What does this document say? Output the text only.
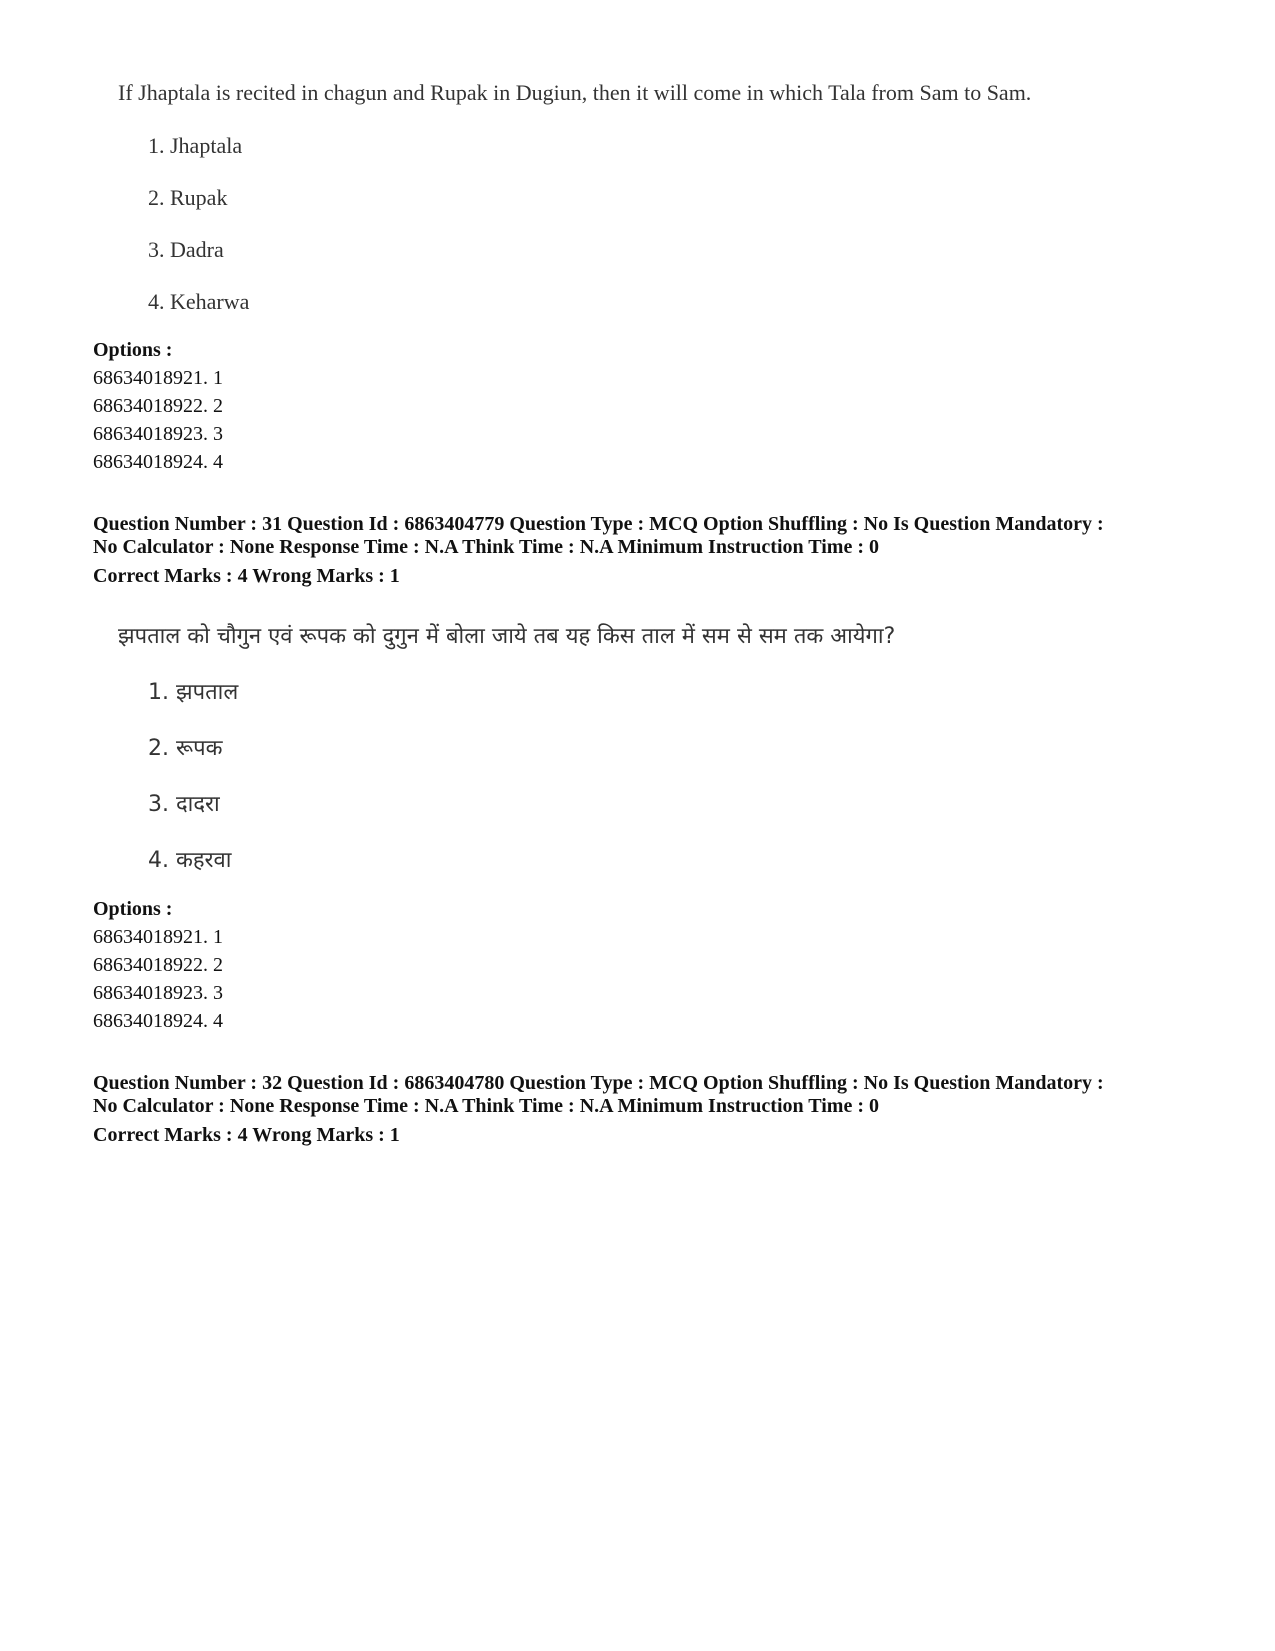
If Jhaptala is recited in chagun and Rupak in Dugiun, then it will come in which Tala from Sam to Sam.
1. Jhaptala
2. Rupak
3. Dadra
4. Keharwa
Options :
68634018921. 1
68634018922. 2
68634018923. 3
68634018924. 4
Question Number : 31 Question Id : 6863404779 Question Type : MCQ Option Shuffling : No Is Question Mandatory :
No Calculator : None Response Time : N.A Think Time : N.A Minimum Instruction Time : 0
Correct Marks : 4 Wrong Marks : 1
झपताल को चौगुन एवं रूपक को दुगुन में बोला जाये तब यह किस ताल में सम से सम तक आयेगा?
1. झपताल
2. रूपक
3. दादरा
4. कहरवा
Options :
68634018921. 1
68634018922. 2
68634018923. 3
68634018924. 4
Question Number : 32 Question Id : 6863404780 Question Type : MCQ Option Shuffling : No Is Question Mandatory :
No Calculator : None Response Time : N.A Think Time : N.A Minimum Instruction Time : 0
Correct Marks : 4 Wrong Marks : 1
